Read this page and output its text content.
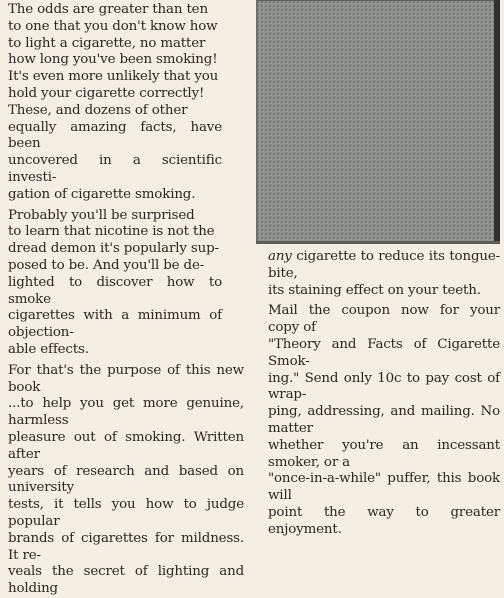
The odds are greater than ten
to one that you don't know how
to light a cigarette, no matter
how long you've been smoking!
It's even more unlikely that you
hold your cigarette correctly!
These, and dozens of other
equally amazing facts, have been
uncovered in a scientific investi-
gation of cigarette smoking.

Probably you'll be surprised
to learn that nicotine is not the
dread demon it's popularly sup-
posed to be. And you'll be de-
lighted to discover how to smoke
cigarettes with a minimum of objection-
able effects.

For that's the purpose of this new book
...to help you get more genuine, harmless
pleasure out of smoking. Written after
years of research and based on university
tests, it tells you how to judge popular
brands of cigarettes for mildness. It re-
veals the secret of lighting and holding

any cigarette to reduce its tongue-bite,
its staining effect on your teeth.

Mail the coupon now for your copy of
"Theory and Facts of Cigarette Smok-
ing." Send only 10c to pay cost of wrap-
ping, addressing, and mailing. No matter
whether you're an incessant smoker, or a
"once-in-a-while" puffer, this book will
point the way to greater enjoyment.
